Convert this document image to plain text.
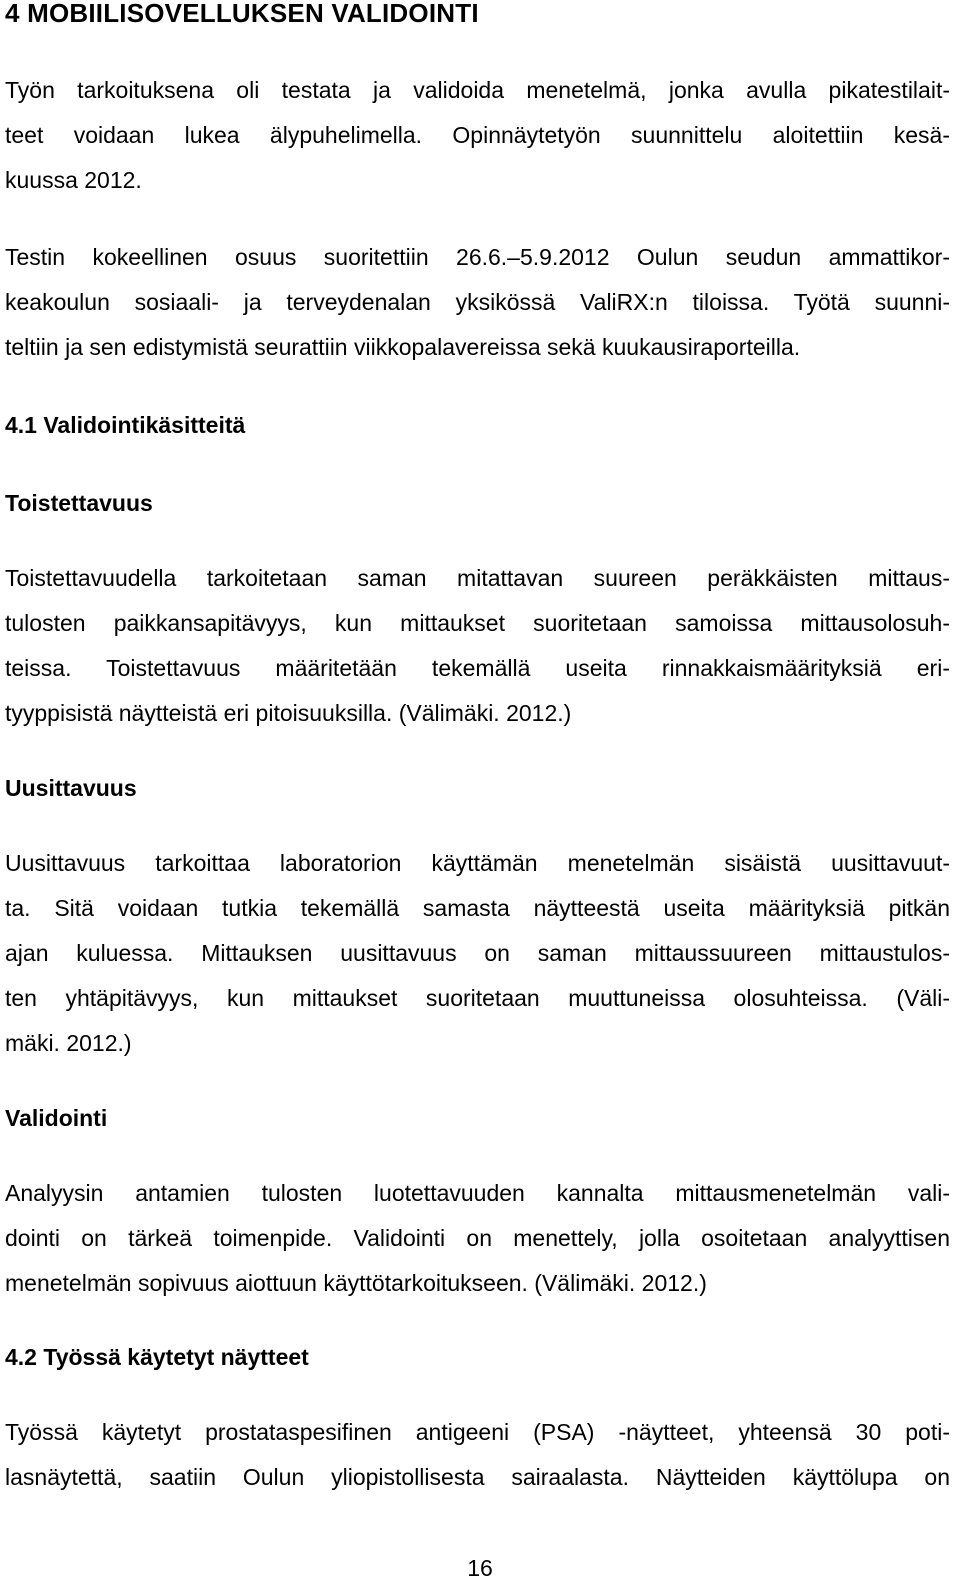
4 MOBIILISOVELLUKSEN VALIDOINTI
Työn tarkoituksena oli testata ja validoida menetelmä, jonka avulla pikatestilait-
teet voidaan lukea älypuhelimella. Opinnäytetyön suunnittelu aloitettiin kesä-
kuussa 2012.
Testin kokeellinen osuus suoritettiin 26.6.–5.9.2012 Oulun seudun ammattikor-
keakoulun sosiaali- ja terveydenalan yksikössä ValiRX:n tiloissa. Työtä suunni-
teltiin ja sen edistymistä seurattiin viikkopalavereissa sekä kuukausiraporteilla.
4.1 Validointikäsitteitä
Toistettavuus
Toistettavuudella tarkoitetaan saman mitattavan suureen peräkkäisten mittaus-
tulosten paikkansapitävyys, kun mittaukset suoritetaan samoissa mittausolosuh-
teissa. Toistettavuus määritetään tekemällä useita rinnakkaismäärityksiä eri-
tyyppisistä näytteistä eri pitoisuuksilla. (Välimäki. 2012.)
Uusittavuus
Uusittavuus tarkoittaa laboratorion käyttämän menetelmän sisäistä uusittavuut-
ta. Sitä voidaan tutkia tekemällä samasta näytteestä useita määrityksiä pitkän
ajan kuluessa. Mittauksen uusittavuus on saman mittaussuureen mittaustulos-
ten yhtäpitävyys, kun mittaukset suoritetaan muuttuneissa olosuhteissa. (Väli-
mäki. 2012.)
Validointi
Analyysin antamien tulosten luotettavuuden kannalta mittausmenetelmän vali-
dointi on tärkeä toimenpide. Validointi on menettely, jolla osoitetaan analyyttisen
menetelmän sopivuus aiottuun käyttötarkoitukseen. (Välimäki. 2012.)
4.2 Työssä käytetyt näytteet
Työssä käytetyt prostataspesifinen antigeeni (PSA) -näytteet, yhteensä 30 poti-
lasnäytettä, saatiin Oulun yliopistollisesta sairaalasta. Näytteiden käyttölupa on
16
